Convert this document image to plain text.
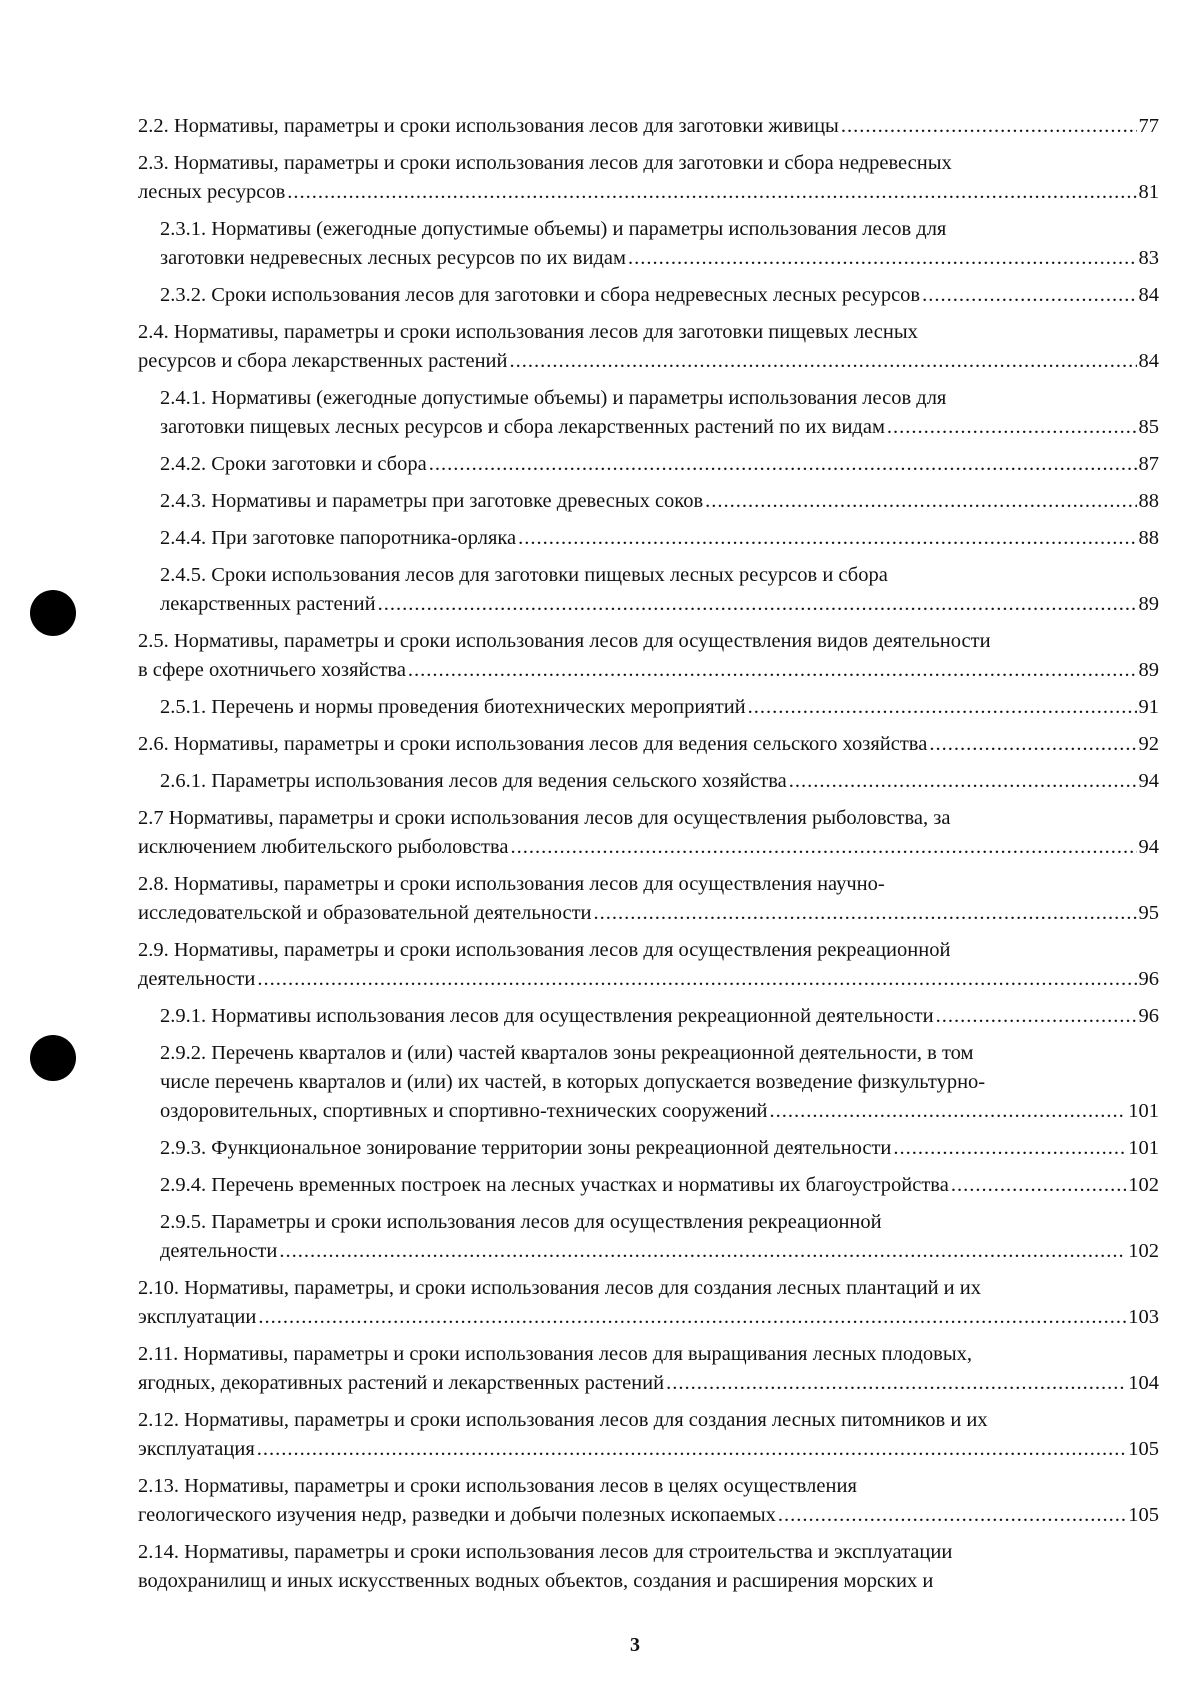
2.2. Нормативы, параметры и сроки использования лесов для заготовки живицы .....	77
2.3. Нормативы, параметры и сроки использования лесов для заготовки и сбора недревесных
лесных ресурсов .....	81
2.3.1. Нормативы (ежегодные допустимые объемы) и параметры использования лесов для
заготовки недревесных лесных ресурсов по их видам .....	83
2.3.2. Сроки использования лесов для заготовки и сбора недревесных лесных ресурсов .....	84
2.4. Нормативы, параметры и сроки использования лесов для заготовки пищевых лесных
ресурсов и сбора лекарственных растений .....	84
2.4.1. Нормативы (ежегодные допустимые объемы) и параметры использования лесов для
заготовки пищевых лесных ресурсов и сбора лекарственных растений по их видам .....	85
2.4.2. Сроки заготовки и сбора .....	87
2.4.3. Нормативы и параметры при заготовке древесных соков .....	88
2.4.4. При заготовке папоротника-орляка .....	88
2.4.5. Сроки использования лесов для заготовки пищевых лесных ресурсов и сбора
лекарственных растений .....	89
2.5. Нормативы, параметры и сроки использования лесов для осуществления видов деятельности
в сфере охотничьего хозяйства .....	89
2.5.1. Перечень и нормы проведения биотехнических мероприятий .....	91
2.6. Нормативы, параметры и сроки использования лесов для ведения сельского хозяйства .....	92
2.6.1. Параметры использования лесов для ведения сельского хозяйства .....	94
2.7 Нормативы, параметры и сроки использования лесов для осуществления рыболовства, за
исключением любительского рыболовства .....	94
2.8. Нормативы, параметры и сроки использования лесов для осуществления научно-
исследовательской и образовательной деятельности .....	95
2.9. Нормативы, параметры и сроки использования лесов для осуществления рекреационной
деятельности .....	96
2.9.1. Нормативы использования лесов для осуществления рекреационной деятельности .....	96
2.9.2. Перечень кварталов и (или) частей кварталов зоны рекреационной деятельности, в том
числе перечень кварталов и (или) их частей, в которых допускается возведение физкультурно-
оздоровительных, спортивных и спортивно-технических сооружений .....	101
2.9.3. Функциональное зонирование территории зоны рекреационной деятельности .....	101
2.9.4. Перечень временных построек на лесных участках и нормативы их благоустройства .....	102
2.9.5. Параметры и сроки использования лесов для осуществления рекреационной
деятельности .....	102
2.10. Нормативы, параметры, и сроки использования лесов для создания лесных плантаций и их
эксплуатации .....	103
2.11. Нормативы, параметры и сроки использования лесов для выращивания лесных плодовых,
ягодных, декоративных растений и лекарственных растений .....	104
2.12. Нормативы, параметры и сроки использования лесов для создания лесных питомников и их
эксплуатация .....	105
2.13. Нормативы, параметры и сроки использования лесов в целях осуществления
геологического изучения недр, разведки и добычи полезных ископаемых .....	105
2.14. Нормативы, параметры и сроки использования лесов для строительства и эксплуатации
водохранилищ и иных искусственных водных объектов, создания и расширения морских и
3
